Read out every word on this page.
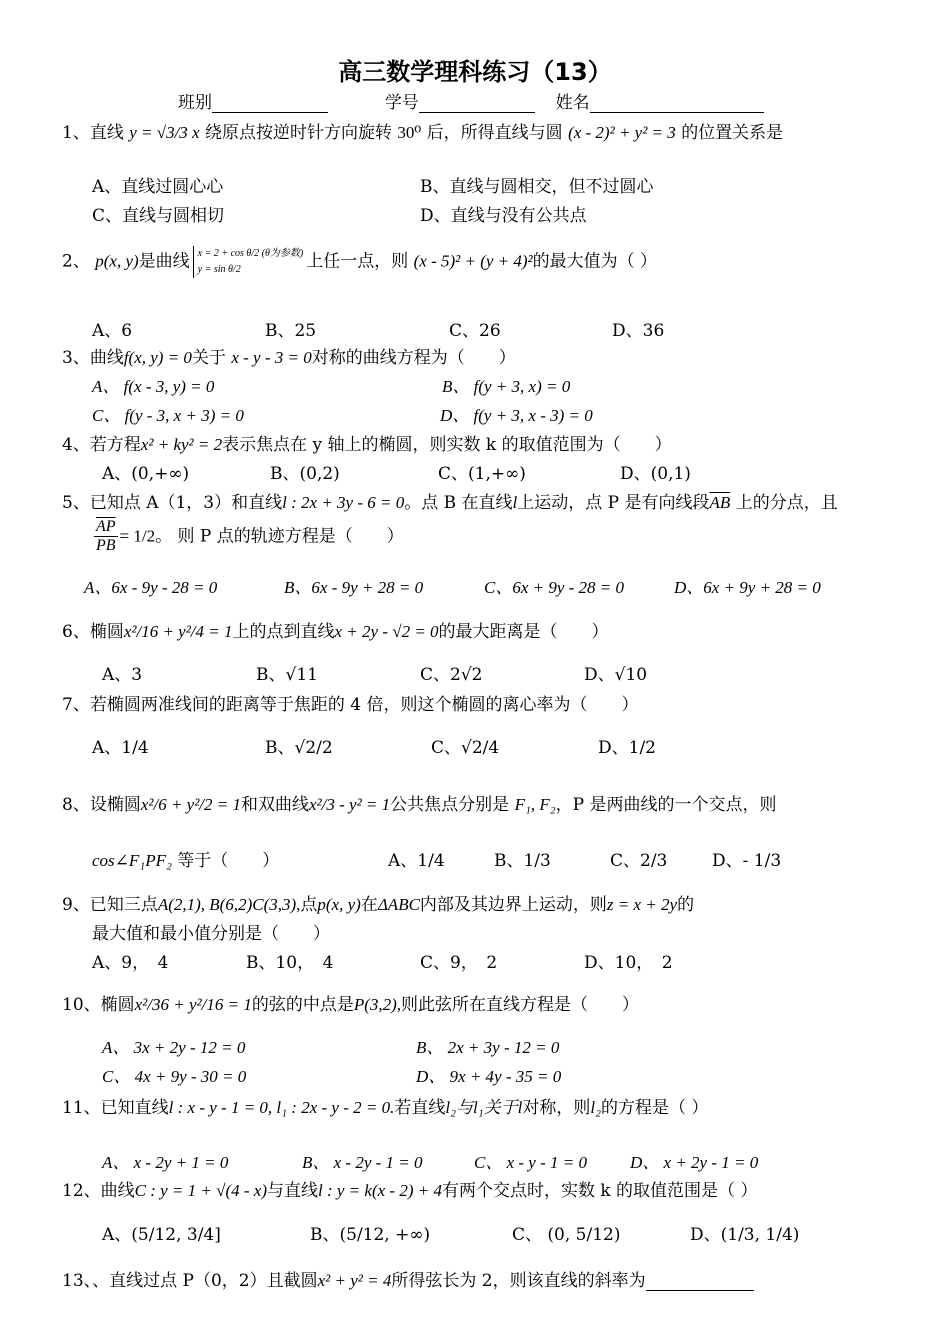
高三数学理科练习（13）
班别	学号	姓名
1、直线 y = √3/3 x 绕原点按逆时针方向旋转 30⁰ 后，所得直线与圆 (x - 2)² + y² = 3 的位置关系是
A、直线过圆心心	B、直线与圆相交，但不过圆心
C、直线与圆相切	D、直线与没有公共点
2、 p(x, y)是曲线 x = 2 + cos θ/2 (θ为参数)
y = sin θ/2	上任一点，则 (x - 5)² + (y + 4)²的最大值为（ ）
A、6	B、25	C、26	D、36
3、曲线f(x, y) = 0关于 x - y - 3 = 0对称的曲线方程为（　　）
A、 f(x - 3, y) = 0	B、 f(y + 3, x) = 0
C、 f(y - 3, x + 3) = 0	D、 f(y + 3, x - 3) = 0
4、若方程x² + ky² = 2表示焦点在 y 轴上的椭圆，则实数 k 的取值范围为（　　）
A、(0,+∞)	B、(0,2)	C、(1,+∞)	D、(0,1)
5、已知点 A（1，3）和直线l : 2x + 3y - 6 = 0。点 B 在直线l上运动，点 P 是有向线段$\overline{AB}$ 上的分点，且
$\frac{\overline{AP}}{PB} = 1/2$。 则 P 点的轨迹方程是（　　）
A、6x - 9y - 28 = 0	B、6x - 9y + 28 = 0	C、6x + 9y - 28 = 0	D、6x + 9y + 28 = 0
6、椭圆x²/16 + y²/4 = 1上的点到直线x + 2y - √2 = 0的最大距离是（　　）
A、3	B、√11	C、2√2	D、√10
7、若椭圆两准线间的距离等于焦距的 4 倍，则这个椭圆的离心率为（　　）
A、1/4	B、√2/2	C、√2/4	D、1/2
8、设椭圆x²/6 + y²/2 = 1和双曲线x²/3 - y² = 1公共焦点分别是 F₁, F₂，P 是两曲线的一个交点，则
cos∠F₁PF₂ 等于（　　）	A、1/4	B、1/3	C、2/3	D、- 1/3
9、已知三点A(2,1), B(6,2)C(3,3),点p(x, y)在ΔABC内部及其边界上运动，则z = x + 2y的
最大值和最小值分别是（　　）
A、9，　4	B、10，　4	C、9，　2	D、10，　2
10、椭圆x²/36 + y²/16 = 1的弦的中点是P(3,2),则此弦所在直线方程是（　　）
A、 3x + 2y - 12 = 0	B、 2x + 3y - 12 = 0
C、 4x + 9y - 30 = 0	D、 9x + 4y - 35 = 0
11、已知直线l : x - y - 1 = 0, l₁ : 2x - y - 2 = 0.若直线l₂与l₁关于l对称，则l₂的方程是（ ）
A、 x - 2y + 1 = 0	B、 x - 2y - 1 = 0	C、 x - y - 1 = 0	D、 x + 2y - 1 = 0
12、曲线C : y = 1 + √(4 - x)与直线l : y = k(x - 2) + 4有两个交点时，实数 k 的取值范围是（ ）
A、(5/12, 3/4]	B、(5/12, +∞)	C、 (0, 5/12)	D、(1/3, 1/4)
13、、直线过点 P（0，2）且截圆x² + y² = 4所得弦长为 2，则该直线的斜率为
